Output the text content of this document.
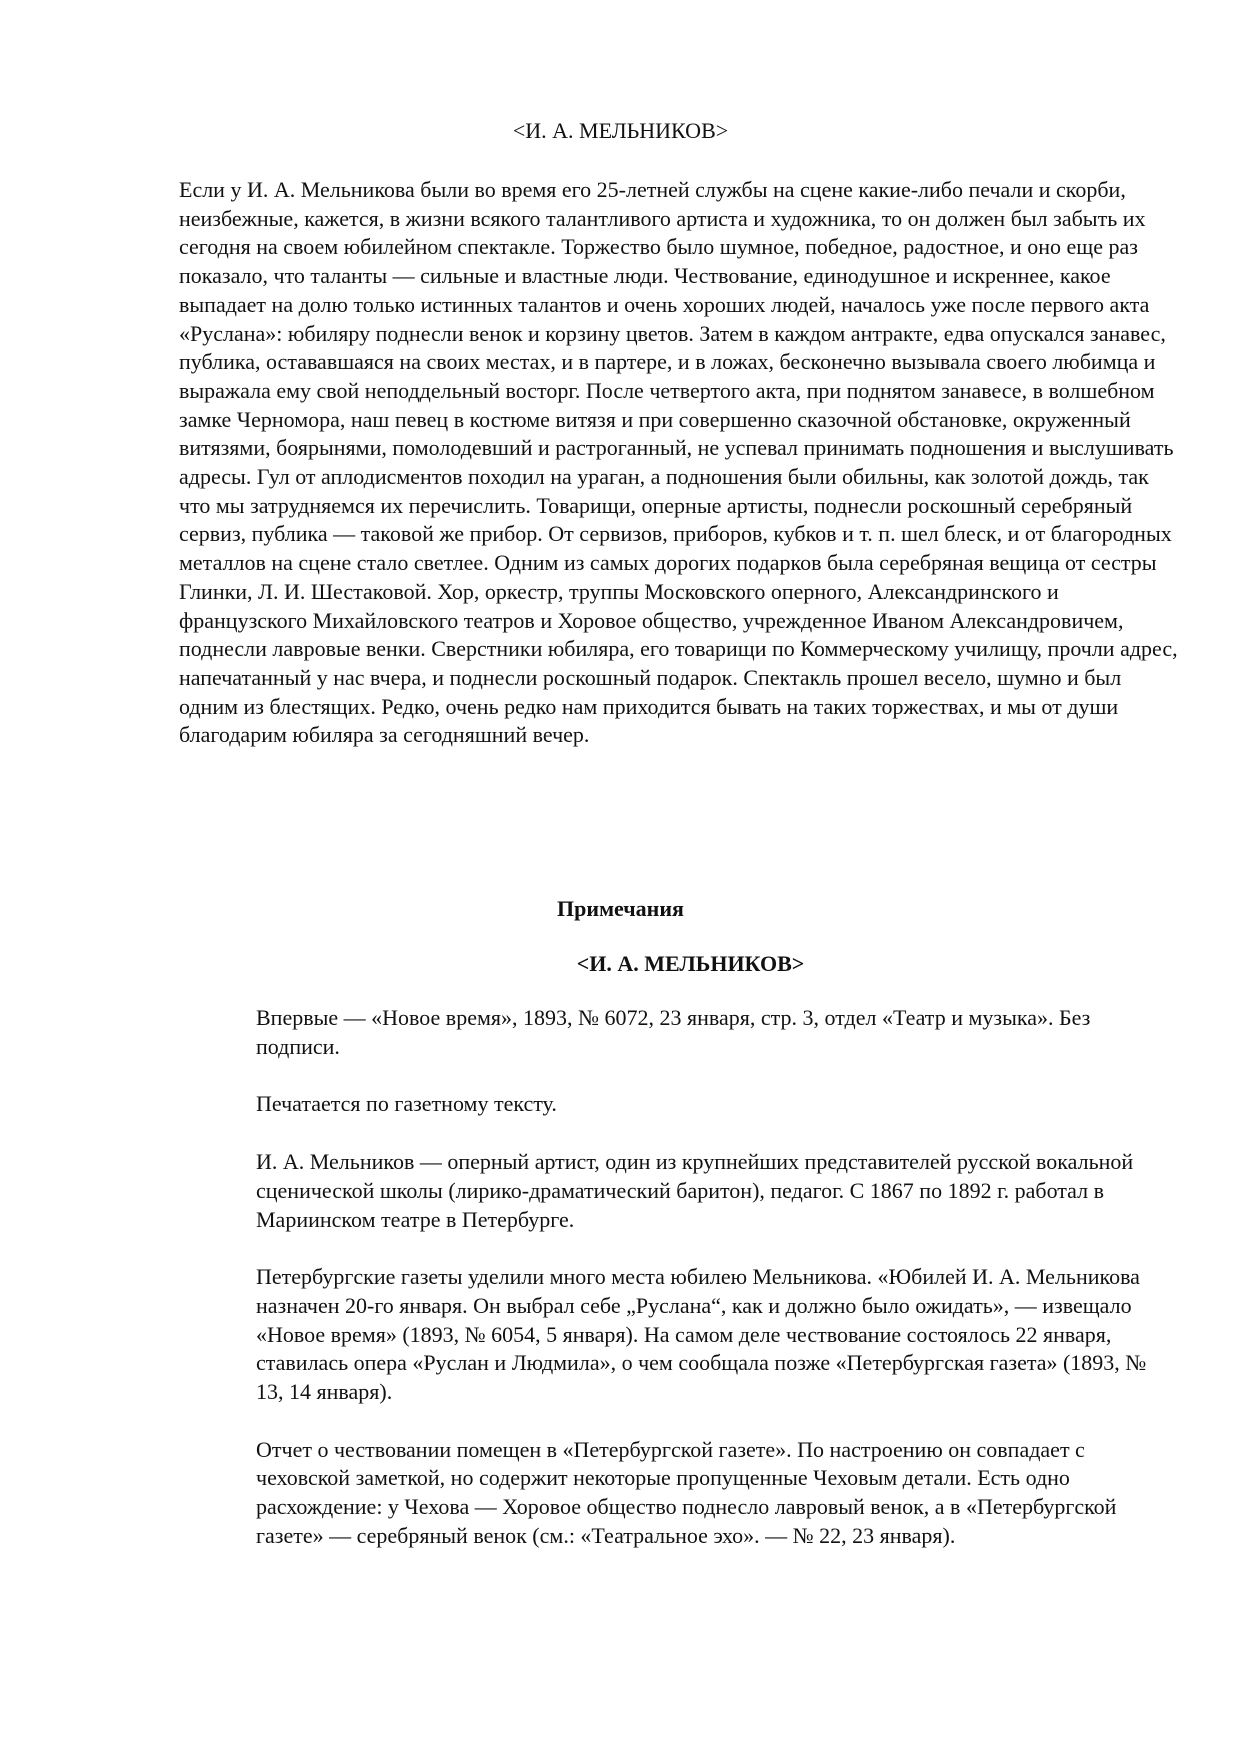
<И. А. МЕЛЬНИКОВ>

Если у И. А. Мельникова были во время его 25-летней службы на сцене какие-либо печали и скорби, неизбежные, кажется, в жизни всякого талантливого артиста и художника, то он должен был забыть их сегодня на своем юбилейном спектакле. Торжество было шумное, победное, радостное, и оно еще раз показало, что таланты — сильные и властные люди. Чествование, единодушное и искреннее, какое выпадает на долю только истинных талантов и очень хороших людей, началось уже после первого акта «Руслана»: юбиляру поднесли венок и корзину цветов. Затем в каждом антракте, едва опускался занавес, публика, остававшаяся на своих местах, и в партере, и в ложах, бесконечно вызывала своего любимца и выражала ему свой неподдельный восторг. После четвертого акта, при поднятом занавесе, в волшебном замке Черномора, наш певец в костюме витязя и при совершенно сказочной обстановке, окруженный витязями, боярынями, помолодевший и растроганный, не успевал принимать подношения и выслушивать адресы. Гул от аплодисментов походил на ураган, а подношения были обильны, как золотой дождь, так что мы затрудняемся их перечислить. Товарищи, оперные артисты, поднесли роскошный серебряный сервиз, публика — таковой же прибор. От сервизов, приборов, кубков и т. п. шел блеск, и от благородных металлов на сцене стало светлее. Одним из самых дорогих подарков была серебряная вещица от сестры Глинки, Л. И. Шестаковой. Хор, оркестр, труппы Московского оперного, Александринского и французского Михайловского театров и Хоровое общество, учрежденное Иваном Александровичем, поднесли лавровые венки. Сверстники юбиляра, его товарищи по Коммерческому училищу, прочли адрес, напечатанный у нас вчера, и поднесли роскошный подарок. Спектакль прошел весело, шумно и был одним из блестящих. Редко, очень редко нам приходится бывать на таких торжествах, и мы от души благодарим юбиляра за сегодняшний вечер.

Примечания
<И. А. МЕЛЬНИКОВ>

Впервые — «Новое время», 1893, № 6072, 23 января, стр. 3, отдел «Театр и музыка». Без подписи.

Печатается по газетному тексту.

И. А. Мельников — оперный артист, один из крупнейших представителей русской вокальной сценической школы (лирико-драматический баритон), педагог. С 1867 по 1892 г. работал в Мариинском театре в Петербурге.

Петербургские газеты уделили много места юбилею Мельникова. «Юбилей И. А. Мельникова назначен 20-го января. Он выбрал себе „Руслана“, как и должно было ожидать», — извещало «Новое время» (1893, № 6054, 5 января). На самом деле чествование состоялось 22 января, ставилась опера «Руслан и Людмила», о чем сообщала позже «Петербургская газета» (1893, № 13, 14 января).

Отчет о чествовании помещен в «Петербургской газете». По настроению он совпадает с чеховской заметкой, но содержит некоторые пропущенные Чеховым детали. Есть одно расхождение: у Чехова — Хоровое общество поднесло лавровый венок, а в «Петербургской газете» — серебряный венок (см.: «Театральное эхо». — № 22, 23 января).
